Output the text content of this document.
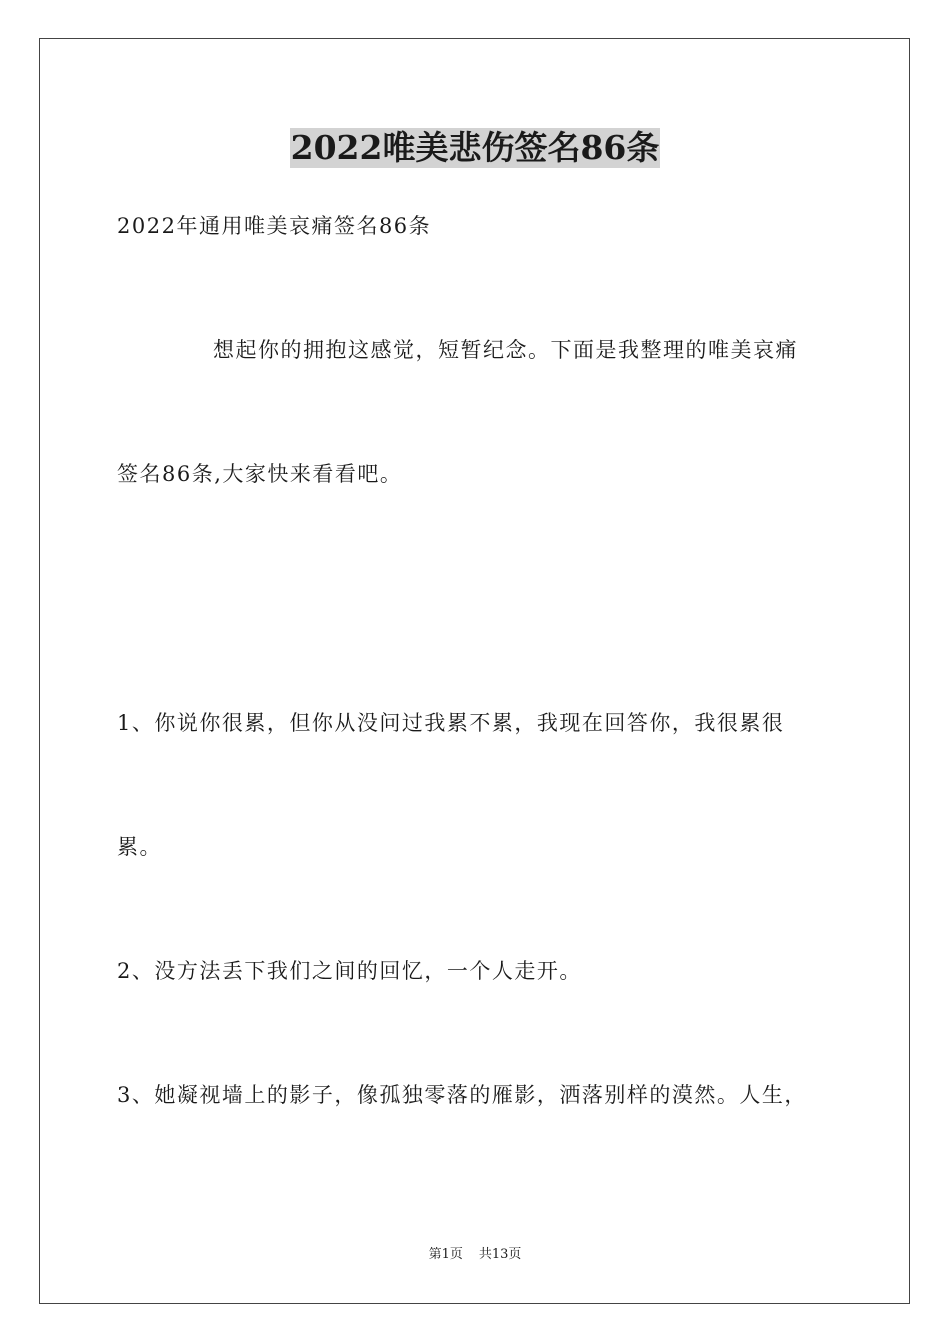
2022唯美悲伤签名86条
2022年通用唯美哀痛签名86条
想起你的拥抱这感觉，短暂纪念。下面是我整理的唯美哀痛
签名86条,大家快来看看吧。
1、你说你很累，但你从没问过我累不累，我现在回答你，我很累很
累。
2、没方法丢下我们之间的回忆，一个人走开。
3、她凝视墙上的影子，像孤独零落的雁影，洒落别样的漠然。人生，
第1页 共13页
